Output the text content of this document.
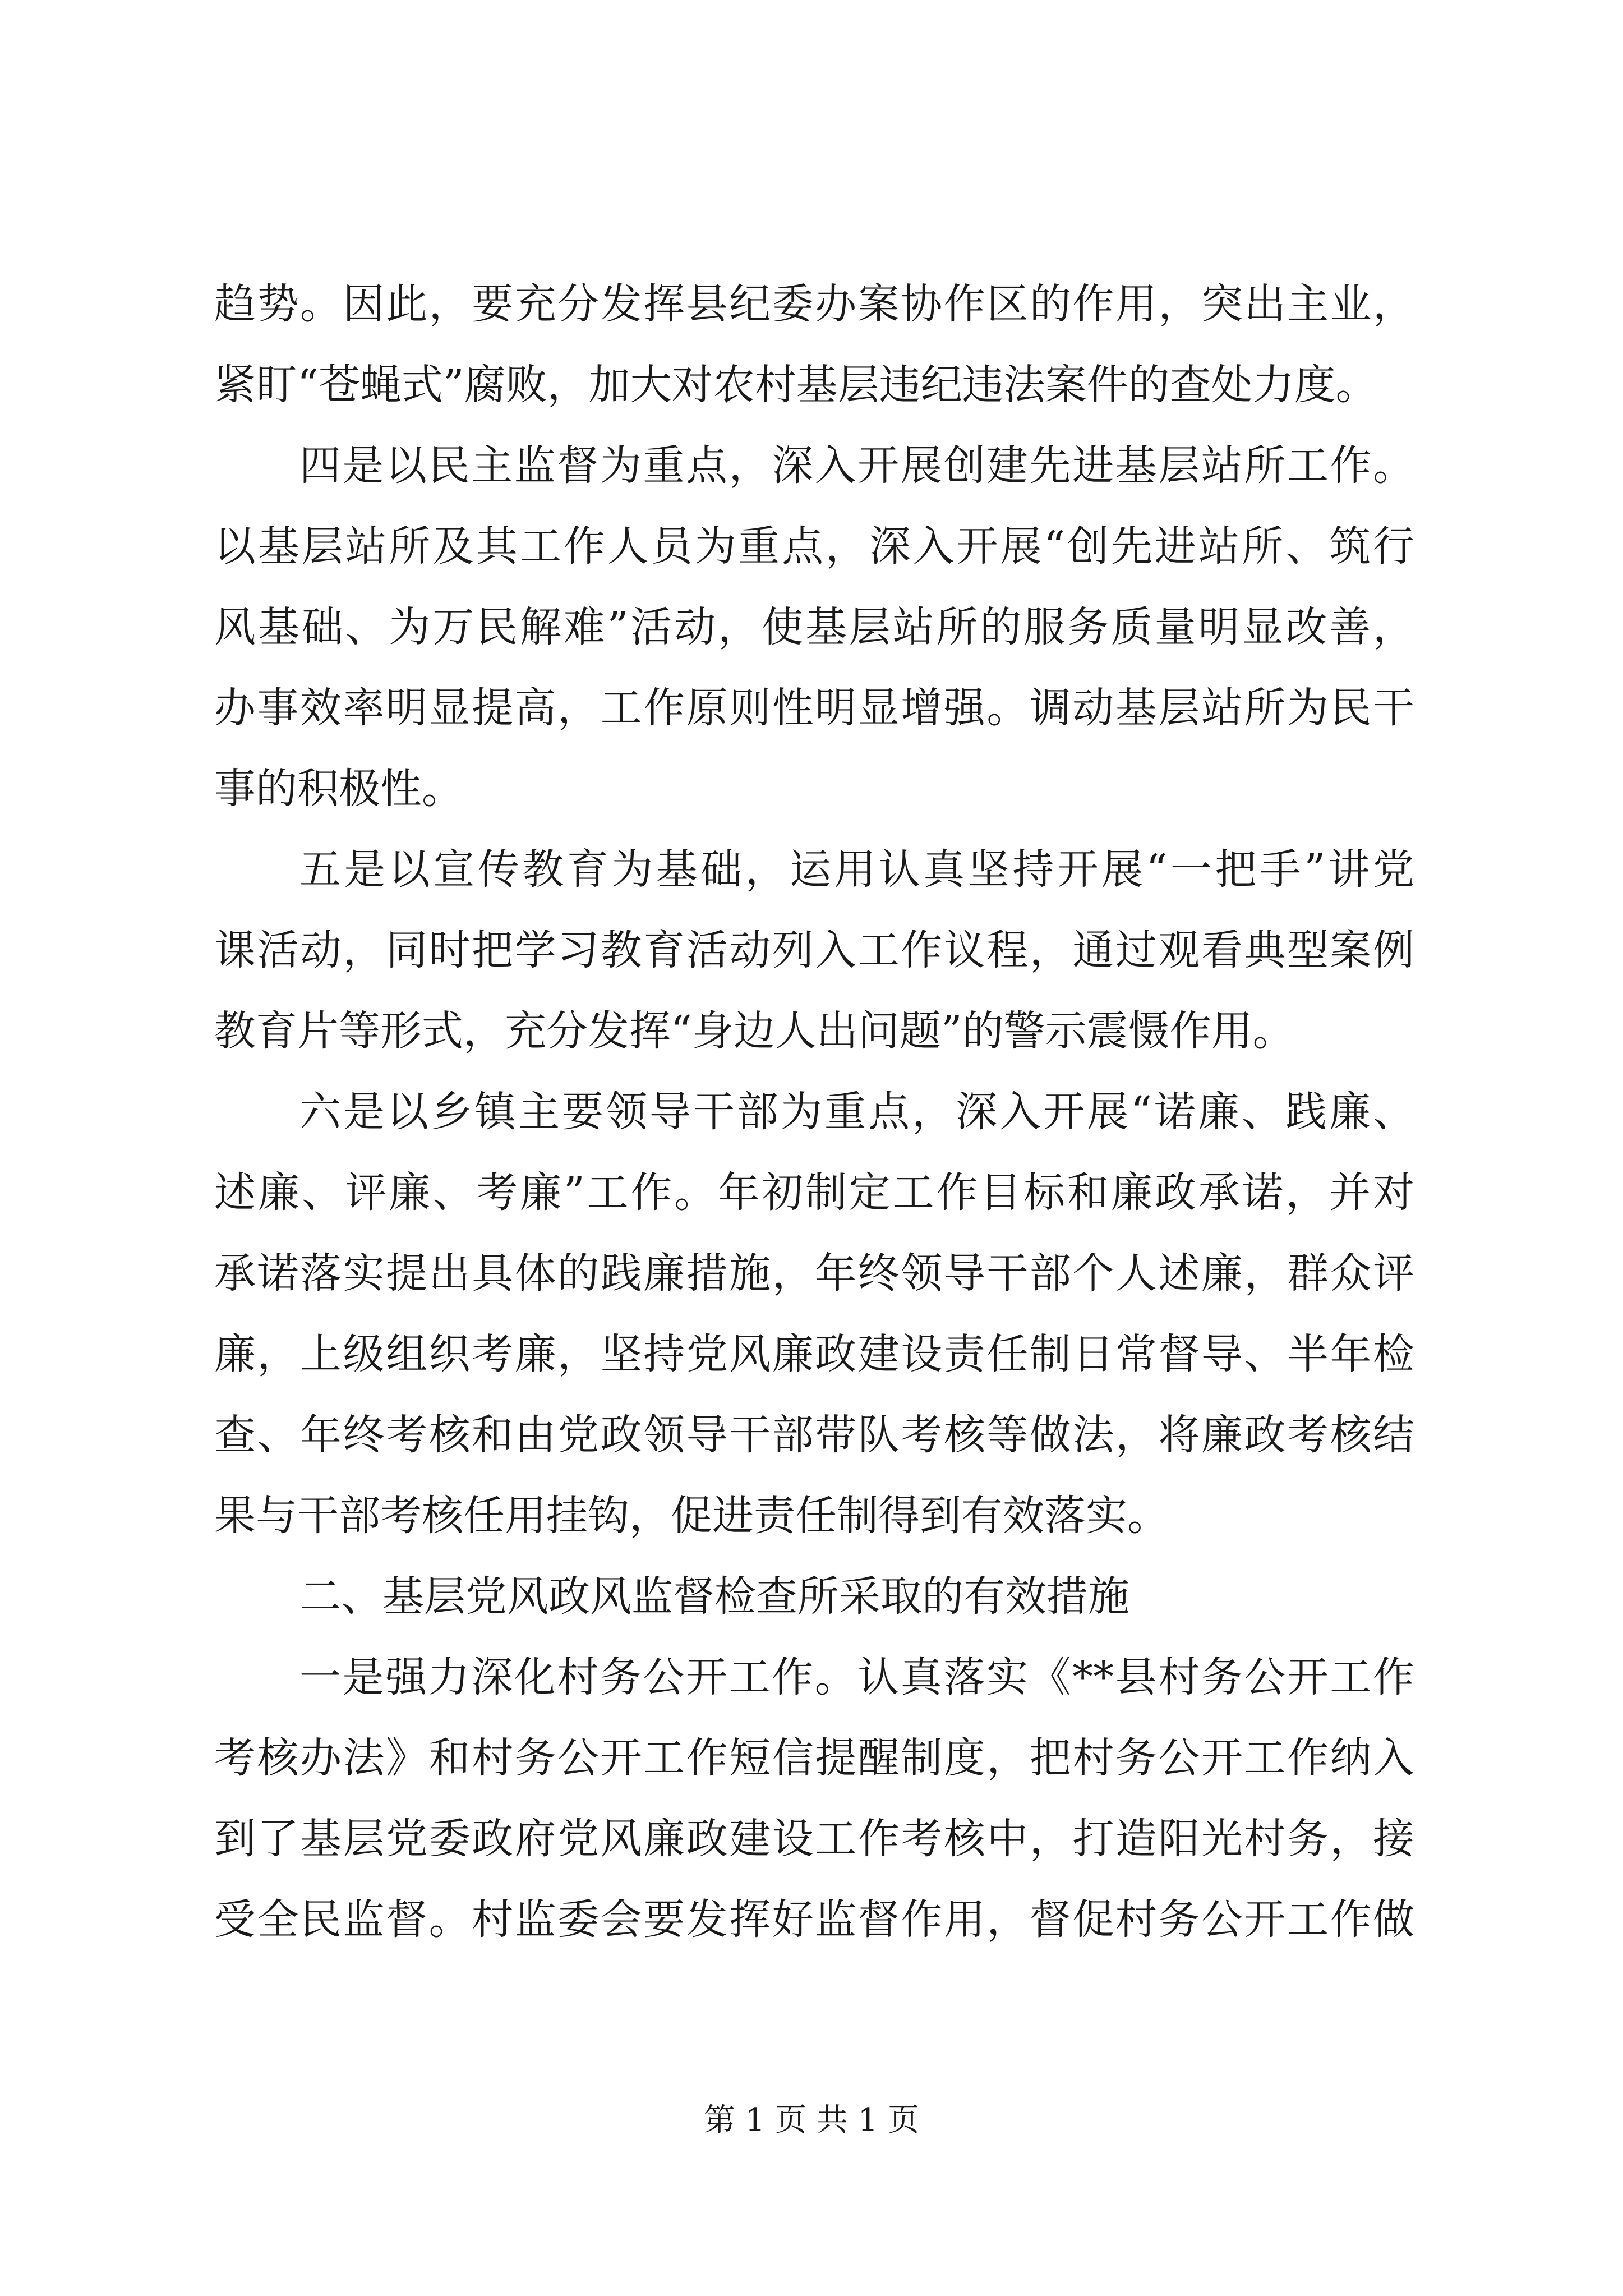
趋势。因此，要充分发挥县纪委办案协作区的作用，突出主业，
紧盯“苍蝇式”腐败，加大对农村基层违纪违法案件的查处力度。
四是以民主监督为重点，深入开展创建先进基层站所工作。
以基层站所及其工作人员为重点，深入开展“创先进站所、筑行
风基础、为万民解难”活动，使基层站所的服务质量明显改善，
办事效率明显提高，工作原则性明显增强。调动基层站所为民干
事的积极性。
五是以宣传教育为基础，运用认真坚持开展“一把手”讲党
课活动，同时把学习教育活动列入工作议程，通过观看典型案例
教育片等形式，充分发挥“身边人出问题”的警示震慑作用。
六是以乡镇主要领导干部为重点，深入开展“诺廉、践廉、
述廉、评廉、考廉”工作。年初制定工作目标和廉政承诺，并对
承诺落实提出具体的践廉措施，年终领导干部个人述廉，群众评
廉，上级组织考廉，坚持党风廉政建设责任制日常督导、半年检
查、年终考核和由党政领导干部带队考核等做法，将廉政考核结
果与干部考核任用挂钩，促进责任制得到有效落实。
二、基层党风政风监督检查所采取的有效措施
一是强力深化村务公开工作。认真落实《**县村务公开工作
考核办法》和村务公开工作短信提醒制度，把村务公开工作纳入
到了基层党委政府党风廉政建设工作考核中，打造阳光村务，接
受全民监督。村监委会要发挥好监督作用，督促村务公开工作做
第 1 页 共 1 页
